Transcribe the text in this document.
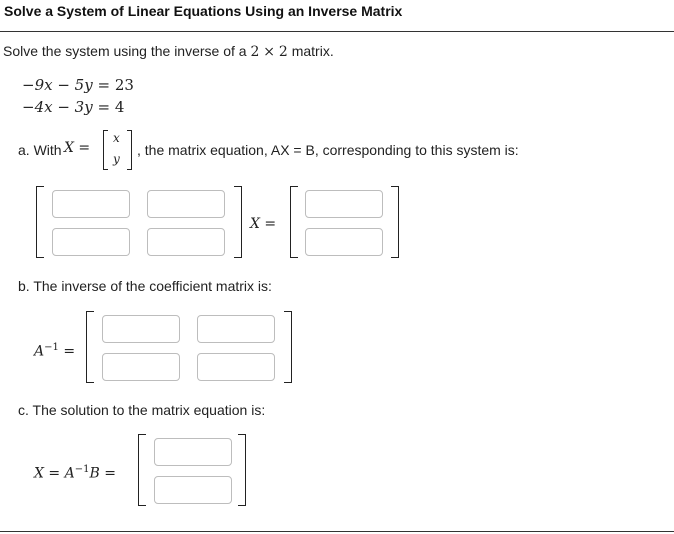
Solve a System of Linear Equations Using an Inverse Matrix
Solve the system using the inverse of a 2 × 2 matrix.
−9x − 5y = 23
−4x − 3y = 4
a. With X =
x
y
, the matrix equation, AX = B, corresponding to this system is:
X =
b. The inverse of the coefficient matrix is:
$A^{-1}$ =
c. The solution to the matrix equation is:
$X = A^{-1}B$ =
